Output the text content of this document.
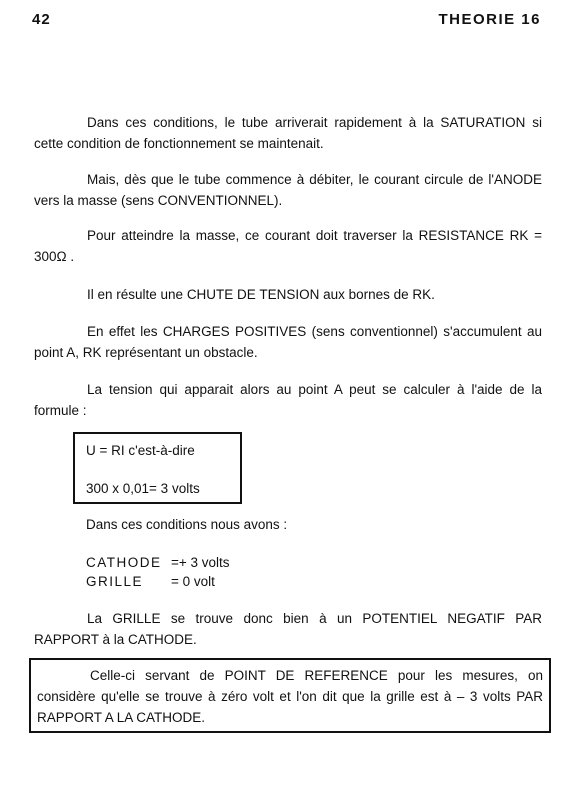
42	THEORIE 16

Dans ces conditions, le tube arriverait rapidement à la SATURATION si cette condition de fonctionnement se maintenait.

Mais, dès que le tube commence à débiter, le courant circule de l'ANODE vers la masse (sens CONVENTIONNEL).

Pour atteindre la masse, ce courant doit traverser la RESISTANCE RK = 300Ω .

Il en résulte une CHUTE DE TENSION aux bornes de RK.

En effet les CHARGES POSITIVES (sens conventionnel) s'accumulent au point A, RK représentant un obstacle.

La tension qui apparait alors au point A peut se calculer à l'aide de la formule :

U = RI c'est-à-dire
300 x 0,01= 3 volts
Dans ces conditions nous avons :
CATHODE =+ 3 volts
GRILLE = 0 volt

La GRILLE se trouve donc bien à un POTENTIEL NEGATIF PAR RAPPORT à la CATHODE.

Celle-ci servant de POINT DE REFERENCE pour les mesures, on considère qu'elle se trouve à zéro volt et l'on dit que la grille est à – 3 volts PAR RAPPORT A LA CATHODE.
